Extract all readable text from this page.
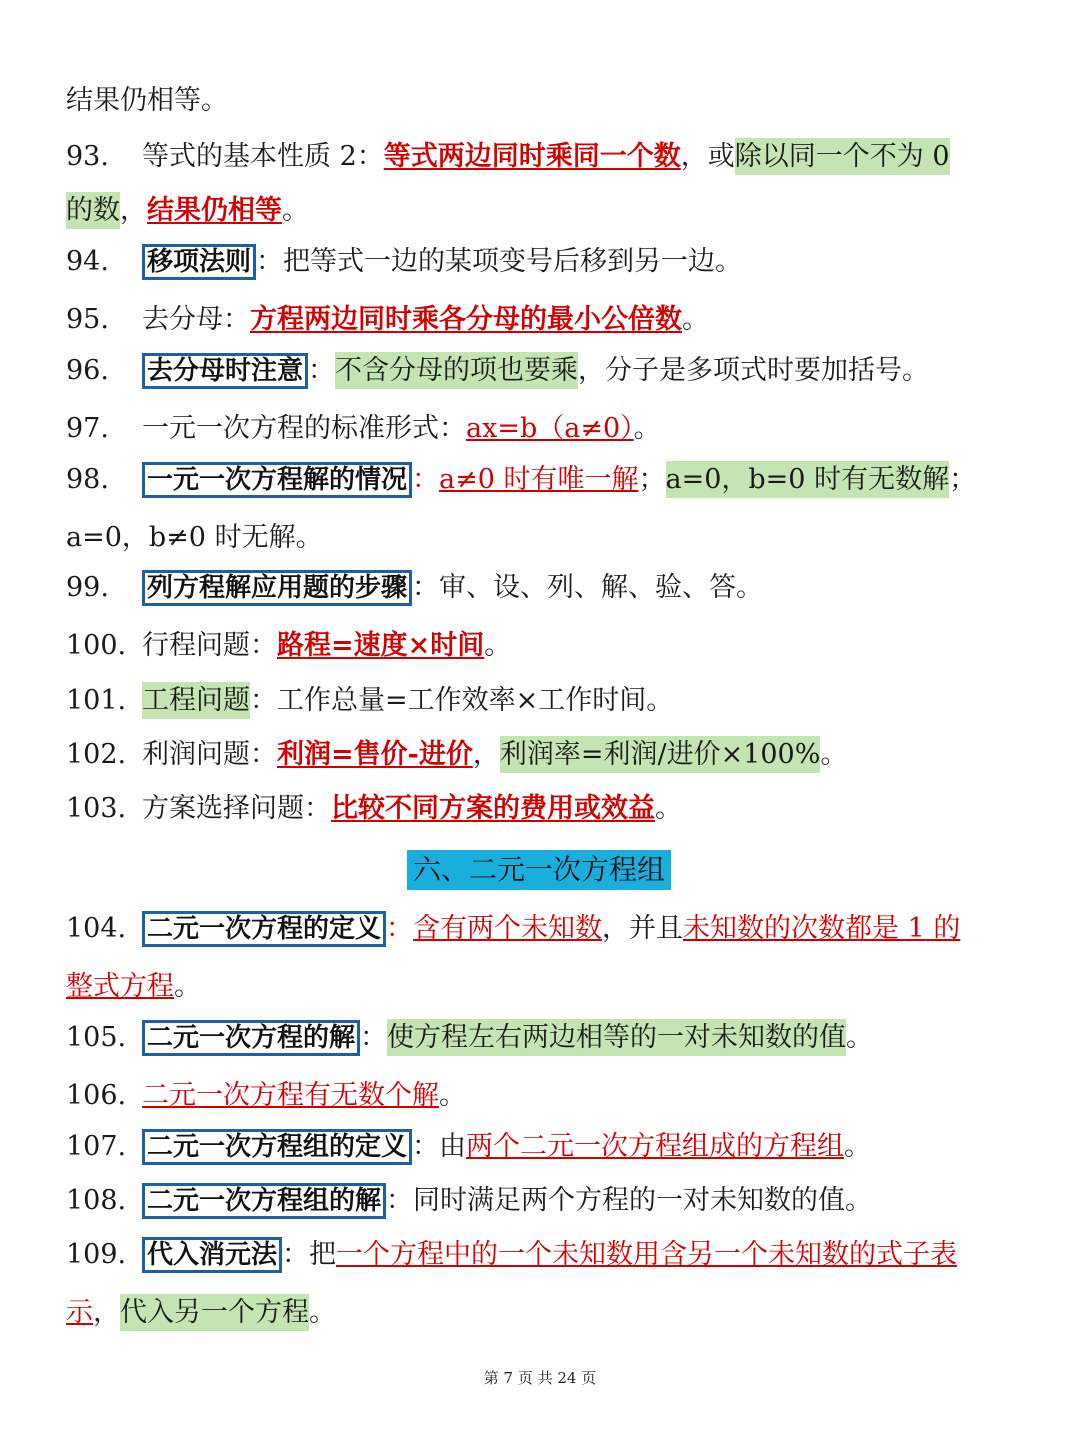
结果仍相等。
93. 等式的基本性质 2：等式两边同时乘同一个数，或除以同一个不为 0
的数，结果仍相等。
94. 移项法则 ：把等式一边的某项变号后移到另一边。
95. 去分母：方程两边同时乘各分母的最小公倍数。
96. 去分母时注意 ：不含分母的项也要乘，分子是多项式时要加括号。
97. 一元一次方程的标准形式：ax=b（a≠0）。
98. 一元一次方程解的情况 ：a≠0 时有唯一解；a=0，b=0 时有无数解；
a=0，b≠0 时无解。
99. 列方程解应用题的步骤 ：审、设、列、解、验、答。
100. 行程问题：路程=速度×时间。
101. 工程问题：工作总量=工作效率×工作时间。
102. 利润问题：利润=售价-进价，利润率=利润/进价×100%。
103. 方案选择问题：比较不同方案的费用或效益。
六、二元一次方程组
104. 二元一次方程的定义 ：含有两个未知数，并且未知数的次数都是 1 的
整式方程。
105. 二元一次方程的解 ：使方程左右两边相等的一对未知数的值。
106. 二元一次方程有无数个解。
107. 二元一次方程组的定义 ：由两个二元一次方程组成的方程组。
108. 二元一次方程组的解 ：同时满足两个方程的一对未知数的值。
109. 代入消元法 ：把一个方程中的一个未知数用含另一个未知数的式子表
示，代入另一个方程。
第 7 页 共 24 页
